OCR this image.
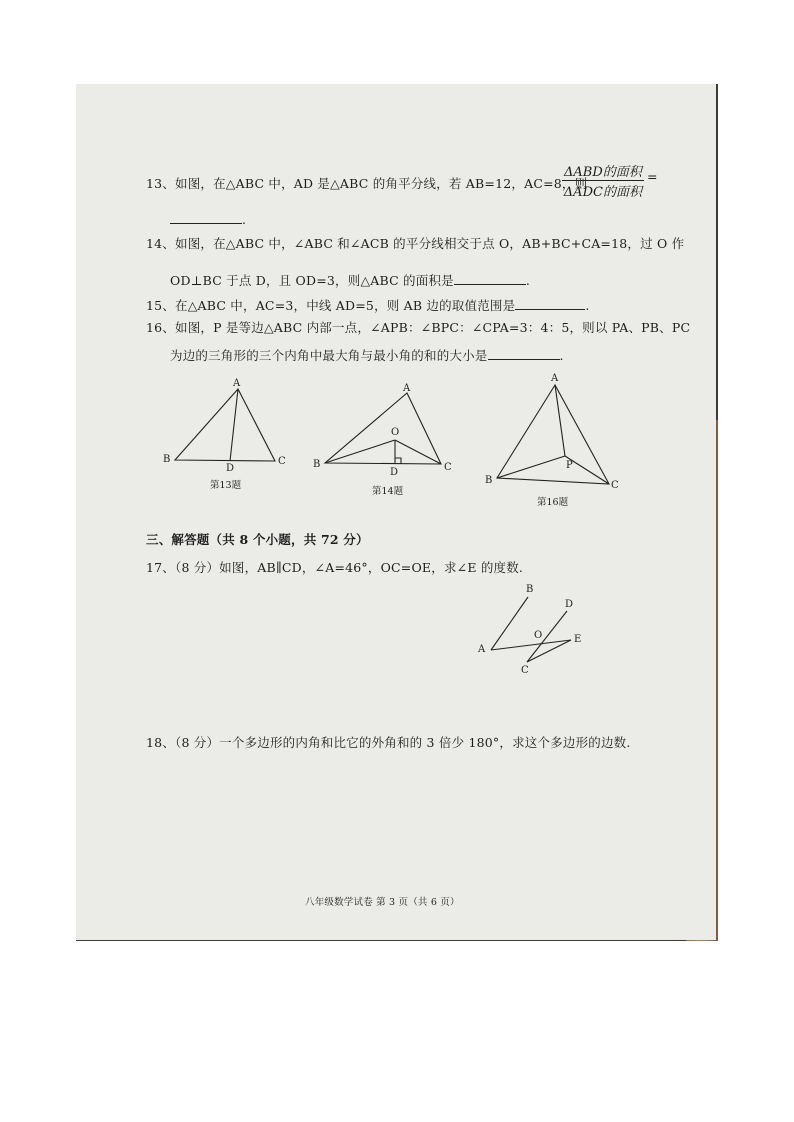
13、如图，在△ABC 中，AD 是△ABC 的角平分线，若 AB=12，AC=8，则
ΔABD的面积
ΔADC的面积
=
.
14、如图，在△ABC 中，∠ABC 和∠ACB 的平分线相交于点 O，AB+BC+CA=18，过 O 作
OD⊥BC 于点 D，且 OD=3，则△ABC 的面积是	.
15、在△ABC 中，AC=3，中线 AD=5，则 AB 边的取值范围是	.
16、如图，P 是等边△ABC 内部一点，∠APB：∠BPC：∠CPA=3：4：5，则以 PA、PB、PC
为边的三角形的三个内角中最大角与最小角的和的大小是	.
A
B	C
D
第13题
A
B	C
D
O
第14题
A
B	C
P
第16题
三、解答题（共 8 个小题，共 72 分）
17、（8 分）如图，AB∥CD，∠A=46°，OC=OE，求∠E 的度数.
B
D
O	E
A
C
18、（8 分）一个多边形的内角和比它的外角和的 3 倍少 180°，求这个多边形的边数.
八年级数学试卷 第 3 页（共 6 页）
